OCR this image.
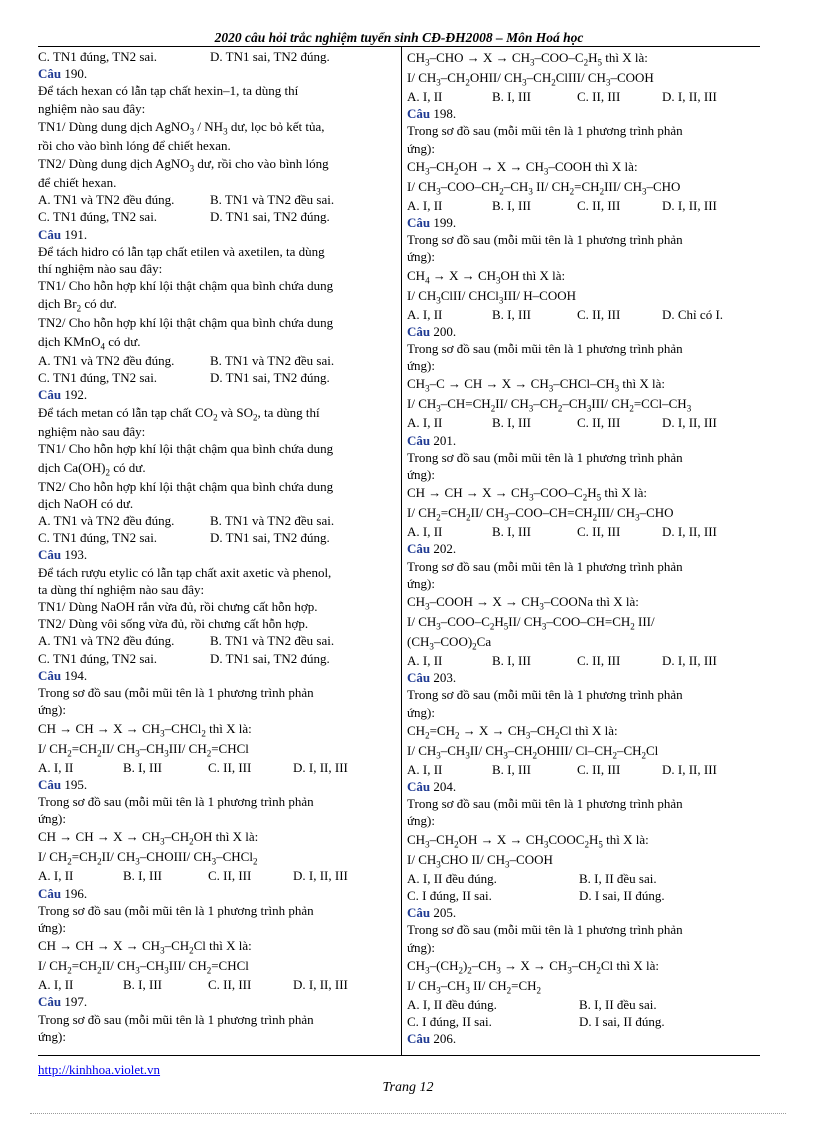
2020 câu hỏi trắc nghiệm tuyển sinh CĐ-ĐH2008 – Môn Hoá học
C. TN1 đúng, TN2 sai.	D. TN1 sai, TN2 đúng.
Câu 190.
Để tách hexan có lẫn tạp chất hexin–1, ta dùng thí
nghiệm nào sau đây:
TN1/ Dùng dung dịch AgNO$_3$ / $NH_3$ dư, lọc bỏ kết tủa,
rồi cho vào bình lóng để chiết hexan.
TN2/ Dùng dung dịch AgNO$_3$ dư, rồi cho vào bình lóng
để chiết hexan.
A. TN1 và TN2 đều đúng.	B. TN1 và TN2 đều sai.
C. TN1 đúng, TN2 sai.	D. TN1 sai, TN2 đúng.
Câu 191.
Để tách hidro có lẫn tạp chất etilen và axetilen, ta dùng
thí nghiệm nào sau đây:
TN1/ Cho hỗn hợp khí lội thật chậm qua bình chứa dung
dịch $Br_2$ có dư.
TN2/ Cho hỗn hợp khí lội thật chậm qua bình chứa dung
dịch KMnO$_4$ có dư.
A. TN1 và TN2 đều đúng.	B. TN1 và TN2 đều sai.
C. TN1 đúng, TN2 sai.	D. TN1 sai, TN2 đúng.
Câu 192.
Để tách metan có lẫn tạp chất $CO_2$ và $SO_2$, ta dùng thí
nghiệm nào sau đây:
TN1/ Cho hỗn hợp khí lội thật chậm qua bình chứa dung
dịch $Ca(OH)_2$ có dư.
TN2/ Cho hỗn hợp khí lội thật chậm qua bình chứa dung
dịch NaOH có dư.
A. TN1 và TN2 đều đúng.	B. TN1 và TN2 đều sai.
C. TN1 đúng, TN2 sai.	D. TN1 sai, TN2 đúng.
Câu 193.
Để tách rượu etylic có lẫn tạp chất axit axetic và phenol,
ta dùng thí nghiệm nào sau đây:
TN1/ Dùng NaOH rắn vừa đủ, rồi chưng cất hỗn hợp.
TN2/ Dùng vôi sống vừa đủ, rồi chưng cất hỗn hợp.
A. TN1 và TN2 đều đúng.	B. TN1 và TN2 đều sai.
C. TN1 đúng, TN2 sai.	D. TN1 sai, TN2 đúng.
Câu 194.
Trong sơ đồ sau (mỗi mũi tên là 1 phương trình phản
ứng):
CH → CH → $X \to CH_3-CHCl_2$ thì X là:
I/ $CH_2=CH_2II/$ $CH_3-CH_3III/$ $CH_2=CHCl$
A. I, II	B. I, III	C. II, III	D. I, II, III
Câu 195.
Trong sơ đồ sau (mỗi mũi tên là 1 phương trình phản
ứng):
CH → CH → $X \to CH_3-CH_2OH$ thì X là:
I/ $CH_2=CH_2II/$ $CH_3-CHOIII/$ $CH_3-CHCl_2$
A. I, II	B. I, III	C. II, III	D. I, II, III
Câu 196.
Trong sơ đồ sau (mỗi mũi tên là 1 phương trình phản
ứng):
CH → CH → $X \to CH_3-CH_2Cl$ thì X là:
I/ $CH_2=CH_2II/$ $CH_3-CH_3III/$ $CH_2=CHCl$
A. I, II	B. I, III	C. II, III	D. I, II, III
Câu 197.
Trong sơ đồ sau (mỗi mũi tên là 1 phương trình phản
ứng):
$CH_3$–CHO → $X \to CH_3-COO-C_2H_5$ thì X là:
I/ $CH_3-CH_2OHII/$ $CH_3-CH_2ClIII/$ $CH_3$–COOH
A. I, II	B. I, III	C. II, III	D. I, II, III
Câu 198.
Trong sơ đồ sau (mỗi mũi tên là 1 phương trình phản
ứng):
$CH_3-CH_2OH \to X$ → $CH_3$–COOH thì X là:
I/ $CH_3-COO-CH_2-CH_3$ II/ $CH_2=CH_2III/$ $CH_3$–CHO
A. I, II	B. I, III	C. II, III	D. I, II, III
Câu 199.
Trong sơ đồ sau (mỗi mũi tên là 1 phương trình phản
ứng):
$CH_4 \to X \to CH_3OH$ thì X là:
I/ $CH_3ClII/$ CHCl$_3$III/ H–COOH
A. I, II	B. I, III	C. II, III	D. Chỉ có I.
Câu 200.
Trong sơ đồ sau (mỗi mũi tên là 1 phương trình phản
ứng):
$CH_3-C$ → CH → $X \to CH_3-CHCl-CH_3$ thì X là:
I/ $CH_3-CH=CH_2II/$ $CH_3-CH_2-CH_3III/$ $CH_2=CCl-CH_3$
A. I, II	B. I, III	C. II, III	D. I, II, III
Câu 201.
Trong sơ đồ sau (mỗi mũi tên là 1 phương trình phản
ứng):
CH → CH → $X \to CH_3-COO-C_2H_5$ thì X là:
I/ $CH_2=CH_2II/$ $CH_3-COO-CH=CH_2III/$ $CH_3$–CHO
A. I, II	B. I, III	C. II, III	D. I, II, III
Câu 202.
Trong sơ đồ sau (mỗi mũi tên là 1 phương trình phản
ứng):
$CH_3$–COOH → $X \to CH_3$–COONa thì X là:
I/ $CH_3-COO-C_2H_5II/$ $CH_3-COO-CH=CH_2$ III/
$(CH_3-COO)_2Ca$
A. I, II	B. I, III	C. II, III	D. I, II, III
Câu 203.
Trong sơ đồ sau (mỗi mũi tên là 1 phương trình phản
ứng):
$CH_2=CH_2 \to X \to CH_3-CH_2Cl$ thì X là:
I/ $CH_3-CH_3II/$ $CH_3-CH_2OHIII/$ $Cl-CH_2-CH_2Cl$
A. I, II	B. I, III	C. II, III	D. I, II, III
Câu 204.
Trong sơ đồ sau (mỗi mũi tên là 1 phương trình phản
ứng):
$CH_3-CH_2OH \to X$ → $CH_3COOC_2H_5$ thì X là:
I/ $CH_3CHO$ II/ $CH_3$–COOH
A. I, II đều đúng.	B. I, II đều sai.
C. I đúng, II sai.	D. I sai, II đúng.
Câu 205.
Trong sơ đồ sau (mỗi mũi tên là 1 phương trình phản
ứng):
$CH_3-(CH_2)_2-CH_3 \to X \to CH_3-CH_2Cl$ thì X là:
I/ $CH_3-CH_3$ II/ $CH_2=CH_2$
A. I, II đều đúng.	B. I, II đều sai.
C. I đúng, II sai.	D. I sai, II đúng.
Câu 206.
http://kinhhoa.violet.vn
Trang 12
